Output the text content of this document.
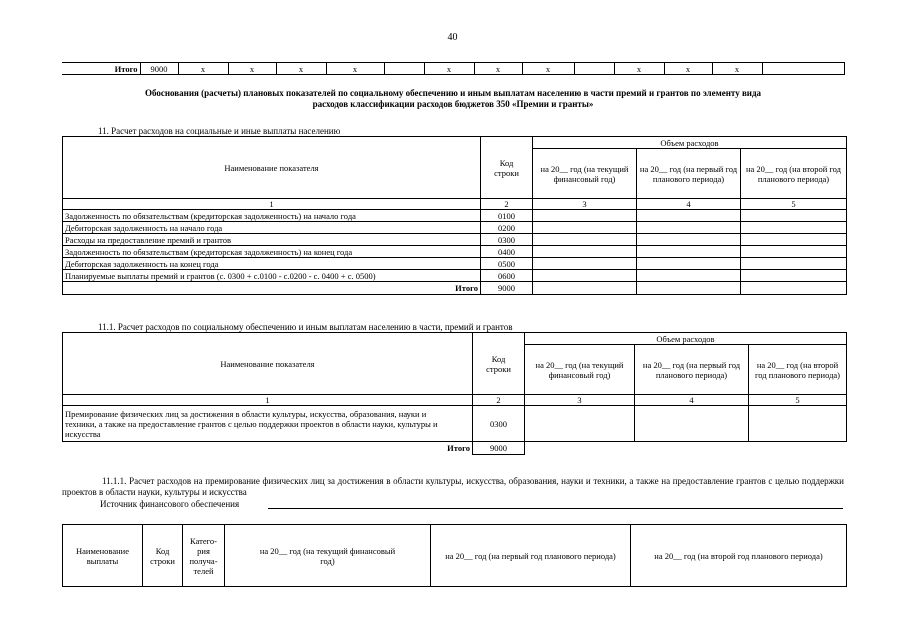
40
Итого	9000	x	x	x	x		x	x	x		x	x	x	
Обоснования (расчеты) плановых показателей по социальному обеспечению и иным выплатам населению в части премий и грантов по элементу вида
расходов классификации расходов бюджетов 350 «Премии и гранты»
11. Расчет расходов на социальные и иные выплаты населению
Наименование показателя	Код строки	Объем расходов		
		на 20__ год (на текущий финансовый год)	на 20__ год (на первый год планового периода)	на 20__ год (на второй год планового периода)
1	2	3	4	5
Задолженность по обязательствам (кредиторская задолженность) на начало года	0100			
Дебиторская задолженность на начало года	0200			
Расходы на предоставление премий и грантов	0300			
Задолженность по обязательствам (кредиторская задолженность) на конец года	0400			
Дебиторская задолженность на конец года	0500			
Планируемые выплаты премий и грантов (с. 0300 + с.0100 - с.0200 - с. 0400 + с. 0500)	0600			
Итого	9000			
11.1. Расчет расходов по социальному обеспечению и иным выплатам населению в части, премий и грантов
Наименование показателя	Код строки	Объем расходов		
		на 20__ год (на текущий финансовый год)	на 20__ год (на первый год планового периода)	на 20__ год (на второй год планового периода)
1	2	3	4	5
Премирование физических лиц за достижения в области культуры, искусства, образования, науки и техники, а также на предоставление грантов с целью поддержки проектов в области науки, культуры и искусства	0300			
Итого	9000			
11.1.1. Расчет расходов на премирование физических лиц за достижения в области культуры, искусства, образования, науки и техники, а также на предоставление грантов с целью поддержки проектов в области науки, культуры и искусства
Источник финансового обеспечения
Наименование выплаты	Код строки	Катего-рия получа-телей	на 20__ год (на текущий финансовый год)	на 20__ год (на первый год планового периода)	на 20__ год (на второй год планового периода)
